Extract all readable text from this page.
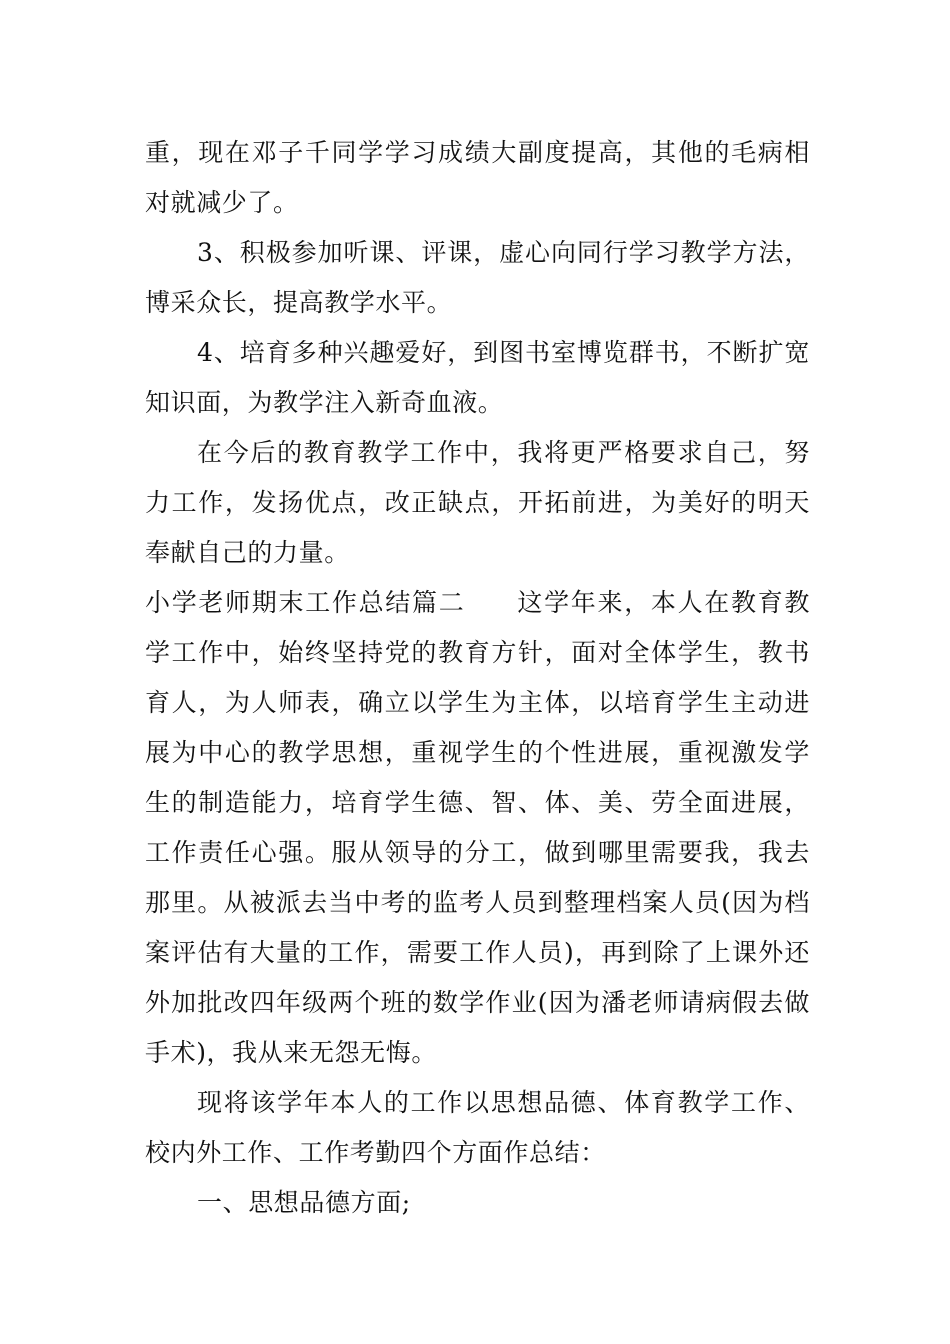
重，现在邓子千同学学习成绩大副度提高，其他的毛病相对就减少了。

3、积极参加听课、评课，虚心向同行学习教学方法，博采众长，提高教学水平。

4、培育多种兴趣爱好，到图书室博览群书，不断扩宽知识面，为教学注入新奇血液。

在今后的教育教学工作中，我将更严格要求自己，努力工作，发扬优点，改正缺点，开拓前进，为美好的明天奉献自己的力量。

小学老师期末工作总结篇二 这学年来，本人在教育教学工作中，始终坚持党的教育方针，面对全体学生，教书育人，为人师表，确立以学生为主体，以培育学生主动进展为中心的教学思想，重视学生的个性进展，重视激发学生的制造能力，培育学生德、智、体、美、劳全面进展，工作责任心强。服从领导的分工，做到哪里需要我，我去那里。从被派去当中考的监考人员到整理档案人员(因为档案评估有大量的工作，需要工作人员)，再到除了上课外还外加批改四年级两个班的数学作业(因为潘老师请病假去做手术)，我从来无怨无悔。

现将该学年本人的工作以思想品德、体育教学工作、校内外工作、工作考勤四个方面作总结：

一、思想品德方面;
